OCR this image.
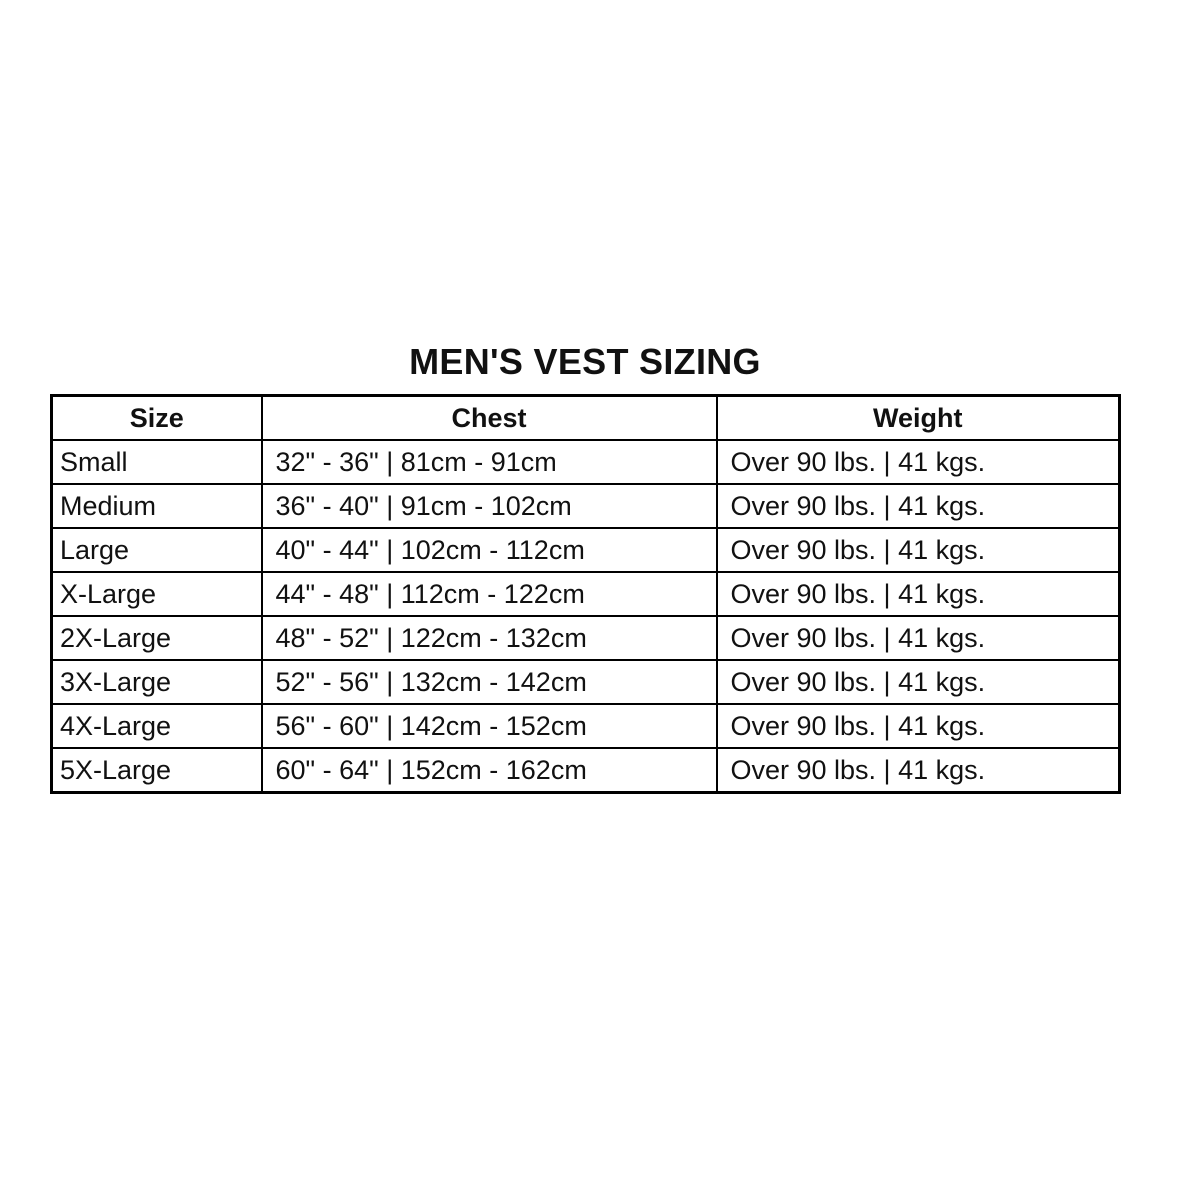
MEN'S VEST SIZING
Size	Chest	Weight
Small	32" - 36" | 81cm - 91cm	Over 90 lbs. | 41 kgs.
Medium	36" - 40" | 91cm - 102cm	Over 90 lbs. | 41 kgs.
Large	40" - 44" | 102cm - 112cm	Over 90 lbs. | 41 kgs.
X-Large	44" - 48" | 112cm - 122cm	Over 90 lbs. | 41 kgs.
2X-Large	48" - 52" | 122cm - 132cm	Over 90 lbs. | 41 kgs.
3X-Large	52" - 56" | 132cm - 142cm	Over 90 lbs. | 41 kgs.
4X-Large	56" - 60" | 142cm - 152cm	Over 90 lbs. | 41 kgs.
5X-Large	60" - 64" | 152cm - 162cm	Over 90 lbs. | 41 kgs.
